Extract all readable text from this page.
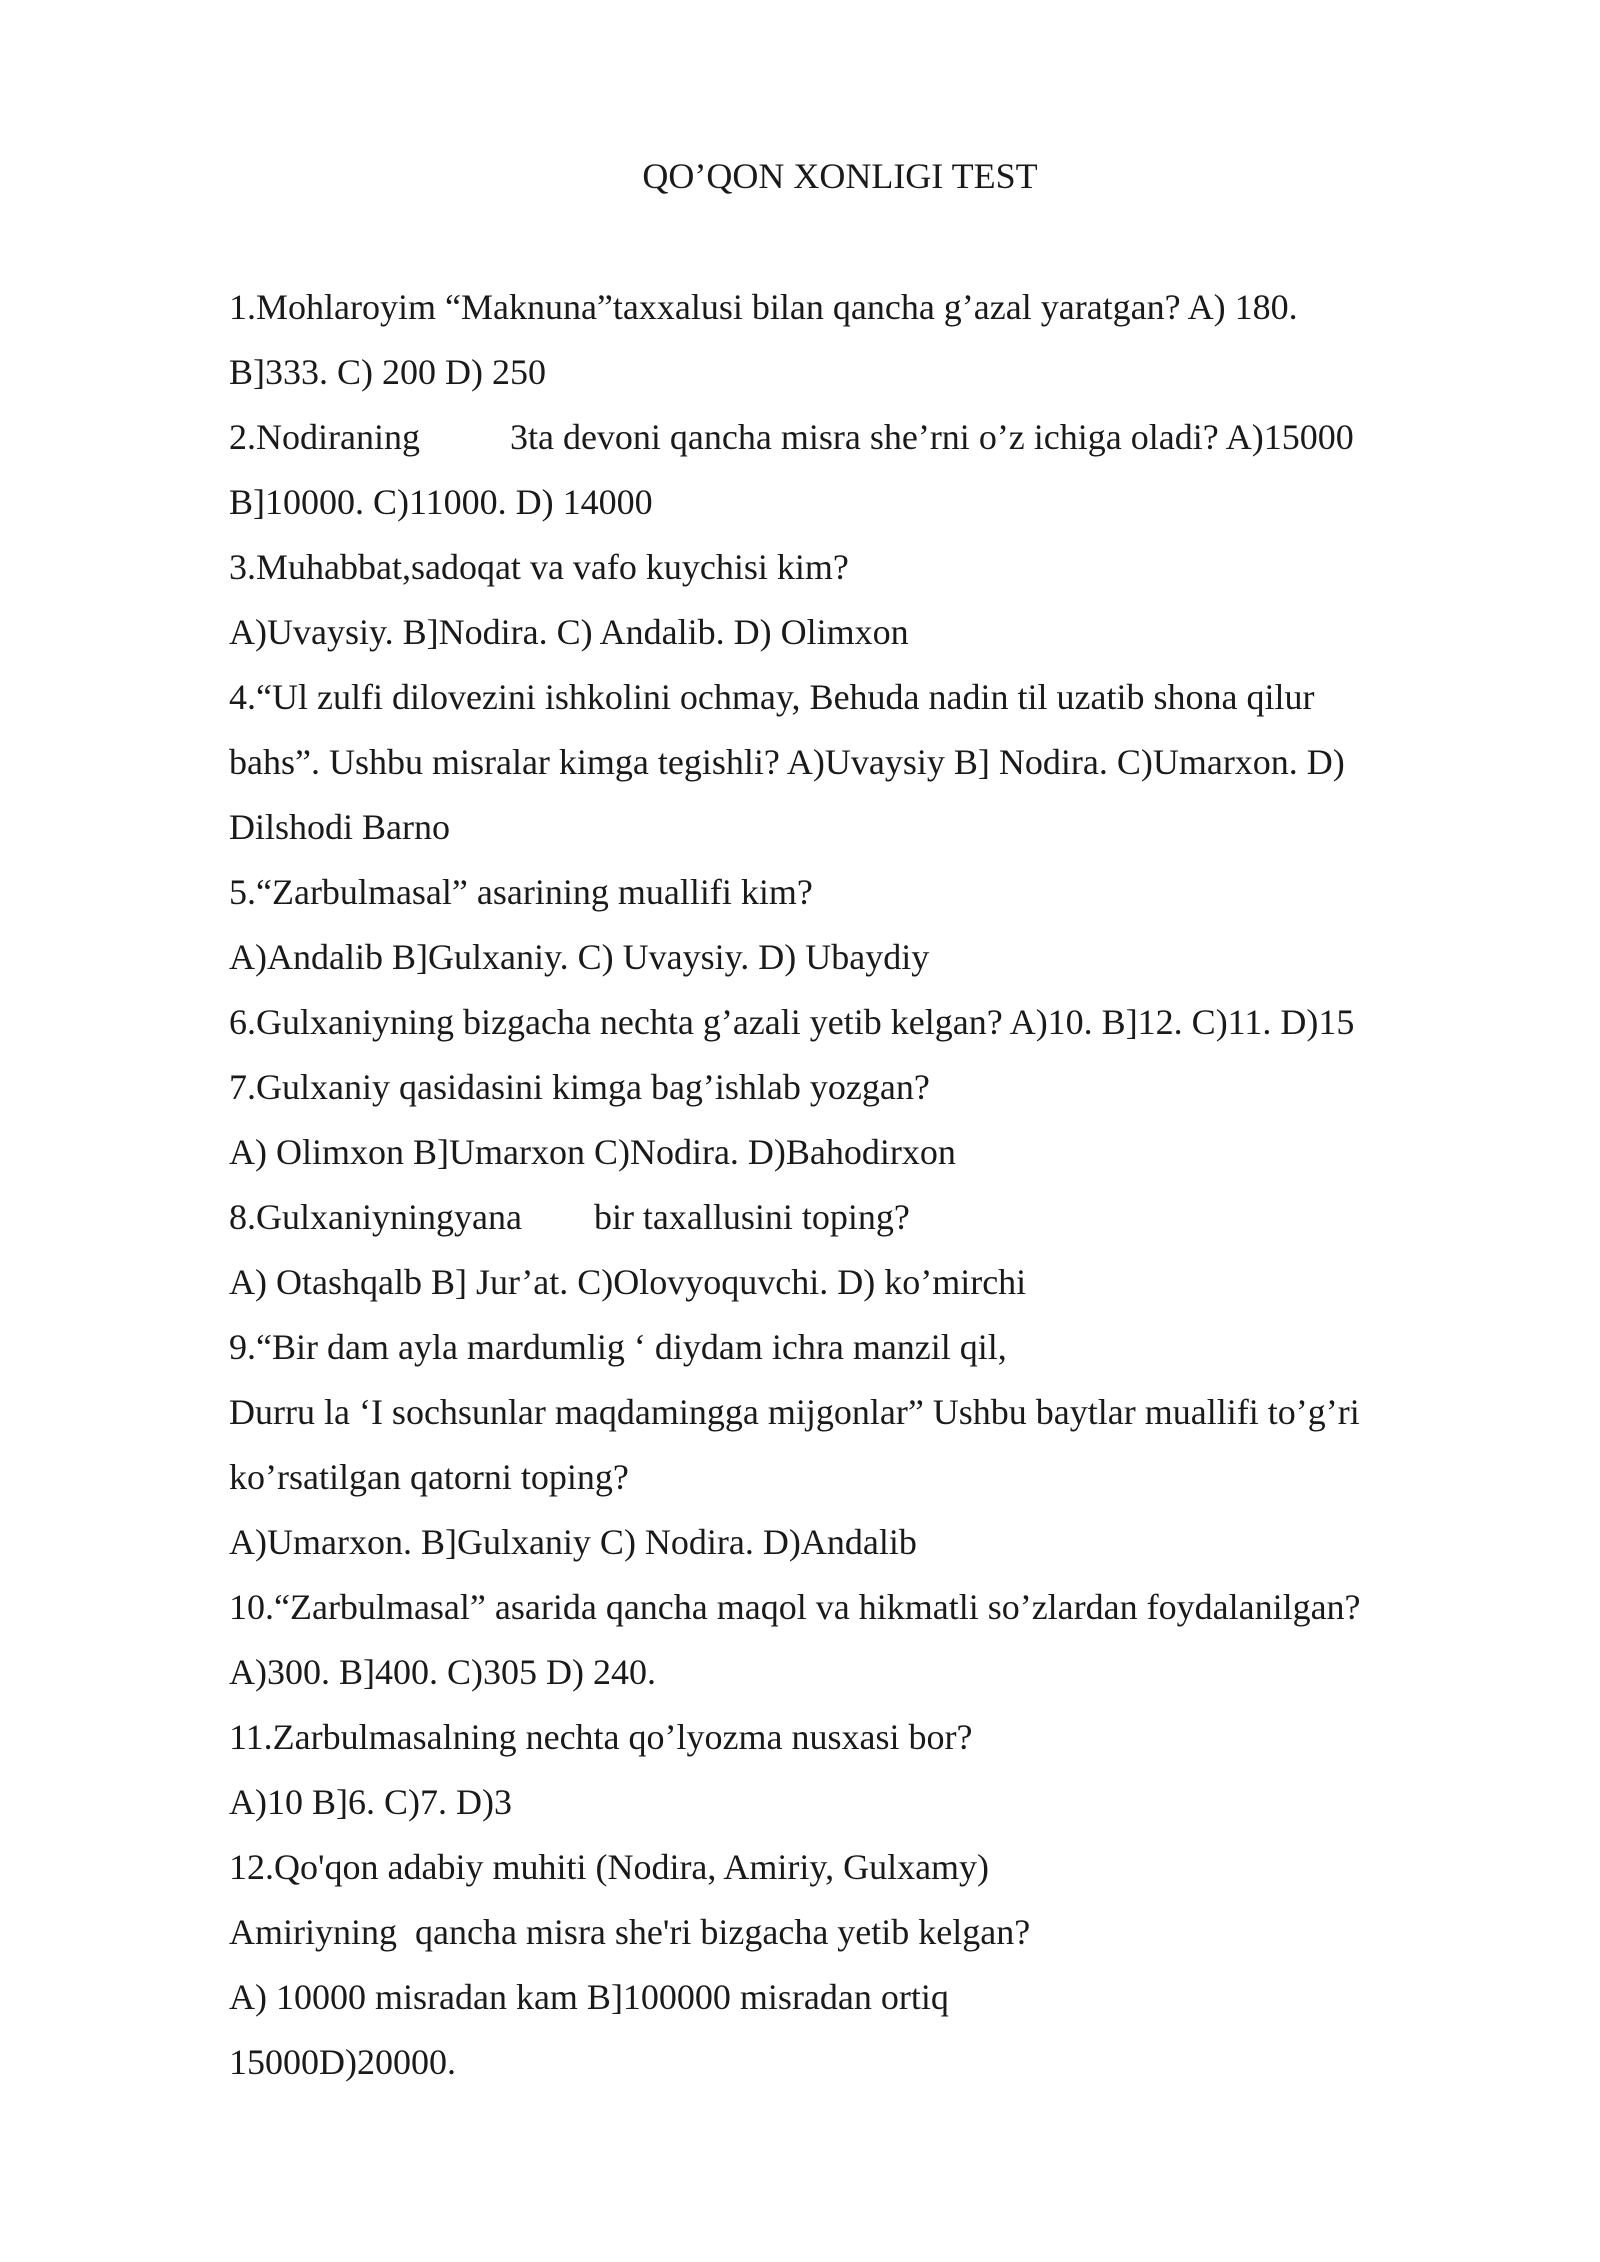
QO’QON XONLIGI TEST
1.Mohlaroyim “Maknuna”taxxalusi bilan qancha g’azal yaratgan? A) 180.
B]333. C) 200 D) 250
2.Nodiraning          3ta devoni qancha misra she’rni o’z ichiga oladi? A)15000
B]10000. C)11000. D) 14000
3.Muhabbat,sadoqat va vafo kuychisi kim?
A)Uvaysiy. B]Nodira. C) Andalib. D) Olimxon
4.“Ul zulfi dilovezini ishkolini ochmay, Behuda nadin til uzatib shona qilur
bahs”. Ushbu misralar kimga tegishli? A)Uvaysiy B] Nodira. C)Umarxon. D)
Dilshodi Barno
5.“Zarbulmasal” asarining muallifi kim?
A)Andalib B]Gulxaniy. C) Uvaysiy. D) Ubaydiy
6.Gulxaniyning bizgacha nechta g’azali yetib kelgan? A)10. B]12. C)11. D)15
7.Gulxaniy qasidasini kimga bag’ishlab yozgan?
A) Olimxon B]Umarxon C)Nodira. D)Bahodirxon
8.Gulxaniyningyana        bir taxallusini toping?
A) Otashqalb B] Jur’at. C)Olovyoquvchi. D) ko’mirchi
9.“Bir dam ayla mardumlig ‘ diydam ichra manzil qil,
Durru la ‘I sochsunlar maqdamingga mijgonlar” Ushbu baytlar muallifi to’g’ri
ko’rsatilgan qatorni toping?
A)Umarxon. B]Gulxaniy C) Nodira. D)Andalib
10.“Zarbulmasal” asarida qancha maqol va hikmatli so’zlardan foydalanilgan?
A)300. B]400. C)305 D) 240.
11.Zarbulmasalning nechta qo’lyozma nusxasi bor?
A)10 B]6. C)7. D)3
12.Qo'qon adabiy muhiti (Nodira, Amiriy, Gulxamy)
Amiriyning  qancha misra she'ri bizgacha yetib kelgan?
A) 10000 misradan kam B]100000 misradan ortiq
15000D)20000.
